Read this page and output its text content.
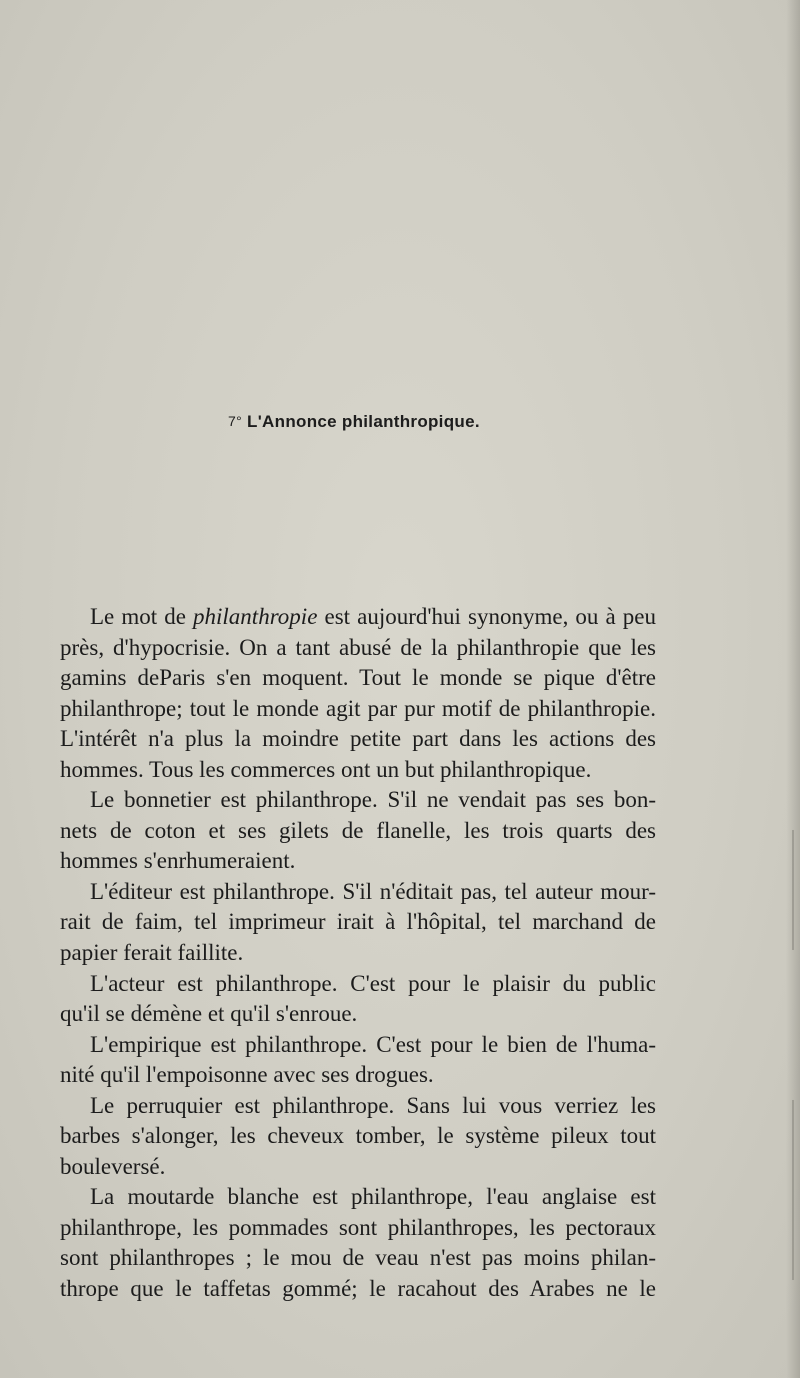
7° L'Annonce philanthropique.
Le mot de philanthropie est aujourd'hui synonyme, ou à peu
près, d'hypocrisie. On a tant abusé de la philanthropie que les
gamins deParis s'en moquent. Tout le monde se pique d'être
philanthrope; tout le monde agit par pur motif de philanthropie.
L'intérêt n'a plus la moindre petite part dans les actions des
hommes. Tous les commerces ont un but philanthropique.
Le bonnetier est philanthrope. S'il ne vendait pas ses bon-
nets de coton et ses gilets de flanelle, les trois quarts des
hommes s'enrhumeraient.
L'éditeur est philanthrope. S'il n'éditait pas, tel auteur mour-
rait de faim, tel imprimeur irait à l'hôpital, tel marchand de
papier ferait faillite.
L'acteur est philanthrope. C'est pour le plaisir du public
qu'il se démène et qu'il s'enroue.
L'empirique est philanthrope. C'est pour le bien de l'huma-
nité qu'il l'empoisonne avec ses drogues.
Le perruquier est philanthrope. Sans lui vous verriez les
barbes s'alonger, les cheveux tomber, le système pileux tout
bouleversé.
La moutarde blanche est philanthrope, l'eau anglaise est
philanthrope, les pommades sont philanthropes, les pectoraux
sont philanthropes ; le mou de veau n'est pas moins philan-
thrope que le taffetas gommé; le racahout des Arabes ne le
